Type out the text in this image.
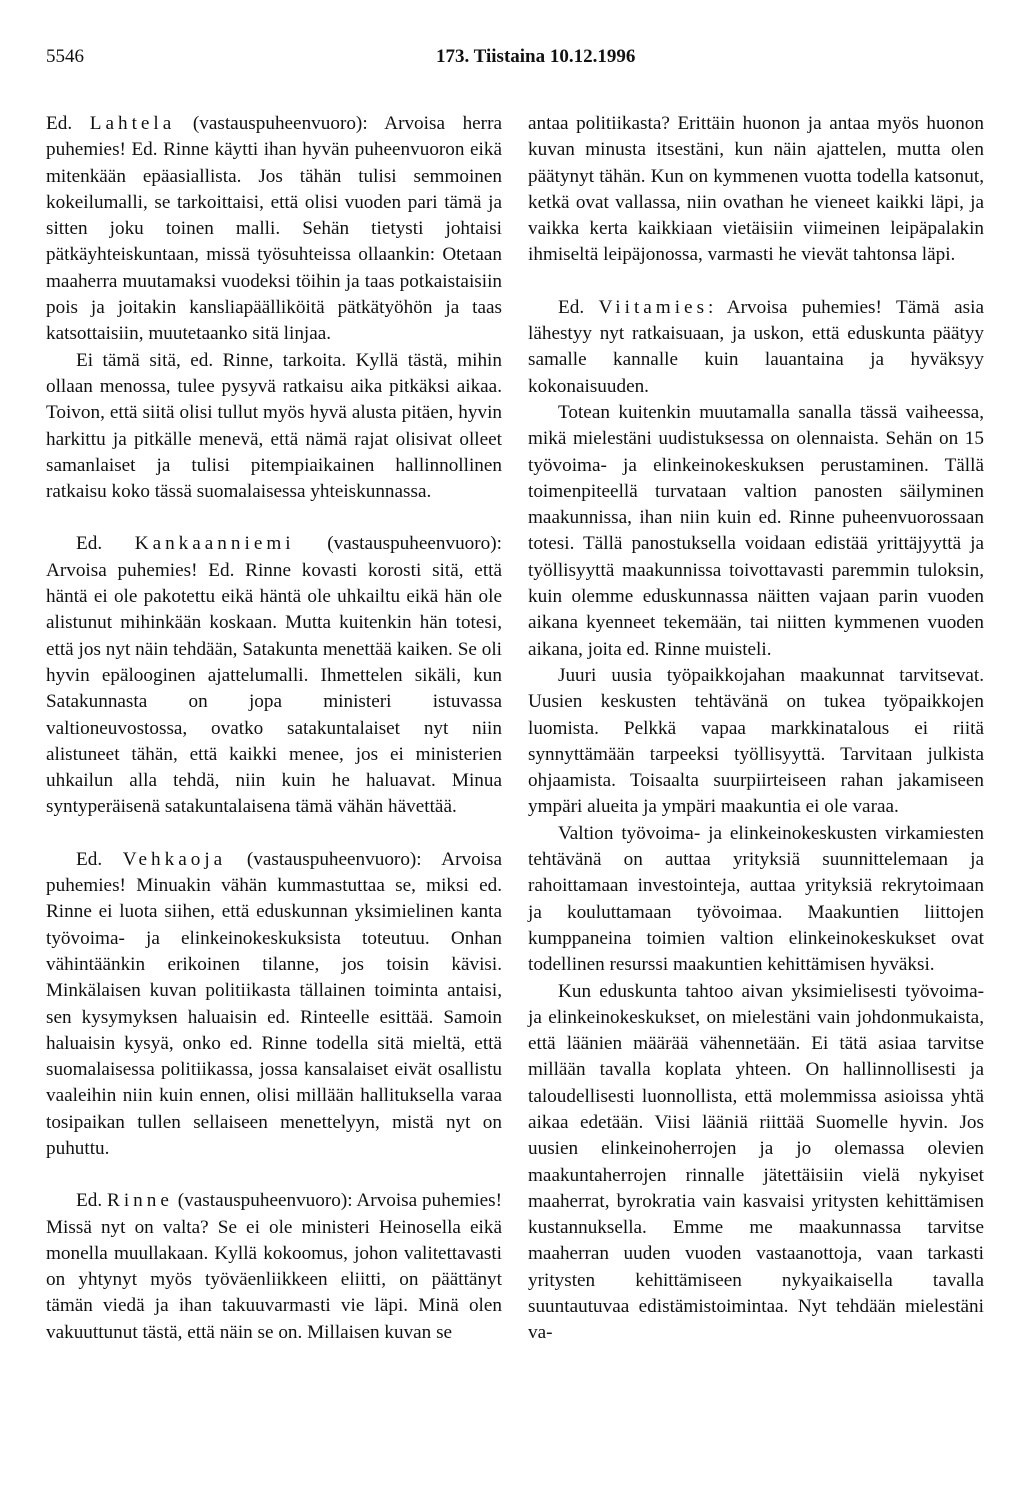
5546	173. Tiistaina 10.12.1996

Ed. Lahtela (vastauspuheenvuoro): Arvoisa herra puhemies! Ed. Rinne käytti ihan hyvän puheenvuoron eikä mitenkään epäasiallista. Jos tähän tulisi semmoinen kokeilumalli, se tarkoittaisi, että olisi vuoden pari tämä ja sitten joku toinen malli. Sehän tietysti johtaisi pätkäyhteiskuntaan, missä työsuhteissa ollaankin: Otetaan maaherra muutamaksi vuodeksi töihin ja taas potkaistaisiin pois ja joitakin kansliapäälliköitä pätkätyöhön ja taas katsottaisiin, muutetaanko sitä linjaa.

Ei tämä sitä, ed. Rinne, tarkoita. Kyllä tästä, mihin ollaan menossa, tulee pysyvä ratkaisu aika pitkäksi aikaa. Toivon, että siitä olisi tullut myös hyvä alusta pitäen, hyvin harkittu ja pitkälle menevä, että nämä rajat olisivat olleet samanlaiset ja tulisi pitempiaikainen hallinnollinen ratkaisu koko tässä suomalaisessa yhteiskunnassa.

Ed. Kankaanniemi (vastauspuheenvuoro): Arvoisa puhemies! Ed. Rinne kovasti korosti sitä, että häntä ei ole pakotettu eikä häntä ole uhkailtu eikä hän ole alistunut mihinkään koskaan. Mutta kuitenkin hän totesi, että jos nyt näin tehdään, Satakunta menettää kaiken. Se oli hyvin epälooginen ajattelumalli. Ihmettelen sikäli, kun Satakunnasta on jopa ministeri istuvassa valtioneuvostossa, ovatko satakuntalaiset nyt niin alistuneet tähän, että kaikki menee, jos ei ministerien uhkailun alla tehdä, niin kuin he haluavat. Minua syntyperäisenä satakuntalaisena tämä vähän hävettää.

Ed. Vehkaoja (vastauspuheenvuoro): Arvoisa puhemies! Minuakin vähän kummastuttaa se, miksi ed. Rinne ei luota siihen, että eduskunnan yksimielinen kanta työvoima- ja elinkeinokeskuksista toteutuu. Onhan vähintäänkin erikoinen tilanne, jos toisin kävisi. Minkälaisen kuvan politiikasta tällainen toiminta antaisi, sen kysymyksen haluaisin ed. Rinteelle esittää. Samoin haluaisin kysyä, onko ed. Rinne todella sitä mieltä, että suomalaisessa politiikassa, jossa kansalaiset eivät osallistu vaaleihin niin kuin ennen, olisi millään hallituksella varaa tosipaikan tullen sellaiseen menettelyyn, mistä nyt on puhuttu.

Ed. Rinne (vastauspuheenvuoro): Arvoisa puhemies! Missä nyt on valta? Se ei ole ministeri Heinosella eikä monella muullakaan. Kyllä kokoomus, johon valitettavasti on yhtynyt myös työväenliikkeen eliitti, on päättänyt tämän viedä ja ihan takuuvarmasti vie läpi. Minä olen vakuuttunut tästä, että näin se on. Millaisen kuvan se

antaa politiikasta? Erittäin huonon ja antaa myös huonon kuvan minusta itsestäni, kun näin ajattelen, mutta olen päätynyt tähän. Kun on kymmenen vuotta todella katsonut, ketkä ovat vallassa, niin ovathan he vieneet kaikki läpi, ja vaikka kerta kaikkiaan vietäisiin viimeinen leipäpalakin ihmiseltä leipäjonossa, varmasti he vievät tahtonsa läpi.

Ed. Viitamies: Arvoisa puhemies! Tämä asia lähestyy nyt ratkaisuaan, ja uskon, että eduskunta päätyy samalle kannalle kuin lauantaina ja hyväksyy kokonaisuuden.

Totean kuitenkin muutamalla sanalla tässä vaiheessa, mikä mielestäni uudistuksessa on olennaista. Sehän on 15 työvoima- ja elinkeinokeskuksen perustaminen. Tällä toimenpiteellä turvataan valtion panosten säilyminen maakunnissa, ihan niin kuin ed. Rinne puheenvuorossaan totesi. Tällä panostuksella voidaan edistää yrittäjyyttä ja työllisyyttä maakunnissa toivottavasti paremmin tuloksin, kuin olemme eduskunnassa näitten vajaan parin vuoden aikana kyenneet tekemään, tai niitten kymmenen vuoden aikana, joita ed. Rinne muisteli.

Juuri uusia työpaikkojahan maakunnat tarvitsevat. Uusien keskusten tehtävänä on tukea työpaikkojen luomista. Pelkkä vapaa markkinatalous ei riitä synnyttämään tarpeeksi työllisyyttä. Tarvitaan julkista ohjaamista. Toisaalta suurpiirteiseen rahan jakamiseen ympäri alueita ja ympäri maakuntia ei ole varaa.

Valtion työvoima- ja elinkeinokeskusten virkamiesten tehtävänä on auttaa yrityksiä suunnittelemaan ja rahoittamaan investointeja, auttaa yrityksiä rekrytoimaan ja kouluttamaan työvoimaa. Maakuntien liittojen kumppaneina toimien valtion elinkeinokeskukset ovat todellinen resurssi maakuntien kehittämisen hyväksi.

Kun eduskunta tahtoo aivan yksimielisesti työvoima- ja elinkeinokeskukset, on mielestäni vain johdonmukaista, että läänien määrää vähennetään. Ei tätä asiaa tarvitse millään tavalla koplata yhteen. On hallinnollisesti ja taloudellisesti luonnollista, että molemmissa asioissa yhtä aikaa edetään. Viisi lääniä riittää Suomelle hyvin. Jos uusien elinkeinoherrojen ja jo olemassa olevien maakuntaherrojen rinnalle jätettäisiin vielä nykyiset maaherrat, byrokratia vain kasvaisi yritysten kehittämisen kustannuksella. Emme me maakunnassa tarvitse maaherran uuden vuoden vastaanottoja, vaan tarkasti yritysten kehittämiseen nykyaikaisella tavalla suuntautuvaa edistämistoimintaa. Nyt tehdään mielestäni va-
